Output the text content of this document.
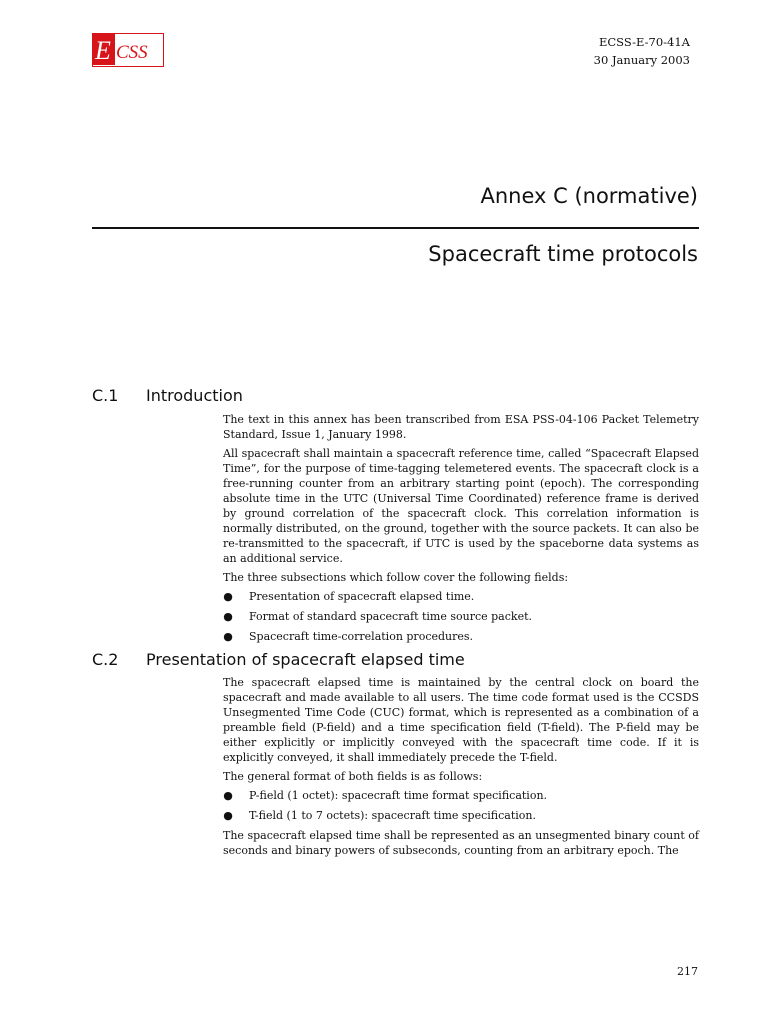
E CSS	ECSS-E-70-41A
30 January 2003
Annex C (normative)
Spacecraft time protocols
C.1 Introduction

The text in this annex has been transcribed from ESA PSS-04-106 Packet Telemetry Standard, Issue 1, January 1998.

All spacecraft shall maintain a spacecraft reference time, called “Spacecraft Elapsed Time”, for the purpose of time-tagging telemetered events. The spacecraft clock is a free-running counter from an arbitrary starting point (epoch). The corresponding absolute time in the UTC (Universal Time Coordinated) reference frame is derived by ground correlation of the spacecraft clock. This correlation information is normally distributed, on the ground, together with the source packets. It can also be re-transmitted to the spacecraft, if UTC is used by the spaceborne data systems as an additional service.

The three subsections which follow cover the following fields:

● Presentation of spacecraft elapsed time.
● Format of standard spacecraft time source packet.
● Spacecraft time-correlation procedures.
C.2 Presentation of spacecraft elapsed time

The spacecraft elapsed time is maintained by the central clock on board the spacecraft and made available to all users. The time code format used is the CCSDS Unsegmented Time Code (CUC) format, which is represented as a combination of a preamble field (P-field) and a time specification field (T-field). The P-field may be either explicitly or implicitly conveyed with the spacecraft time code. If it is explicitly conveyed, it shall immediately precede the T-field.

The general format of both fields is as follows:

● P-field (1 octet): spacecraft time format specification.
● T-field (1 to 7 octets): spacecraft time specification.

The spacecraft elapsed time shall be represented as an unsegmented binary count of seconds and binary powers of subseconds, counting from an arbitrary epoch. The

217
